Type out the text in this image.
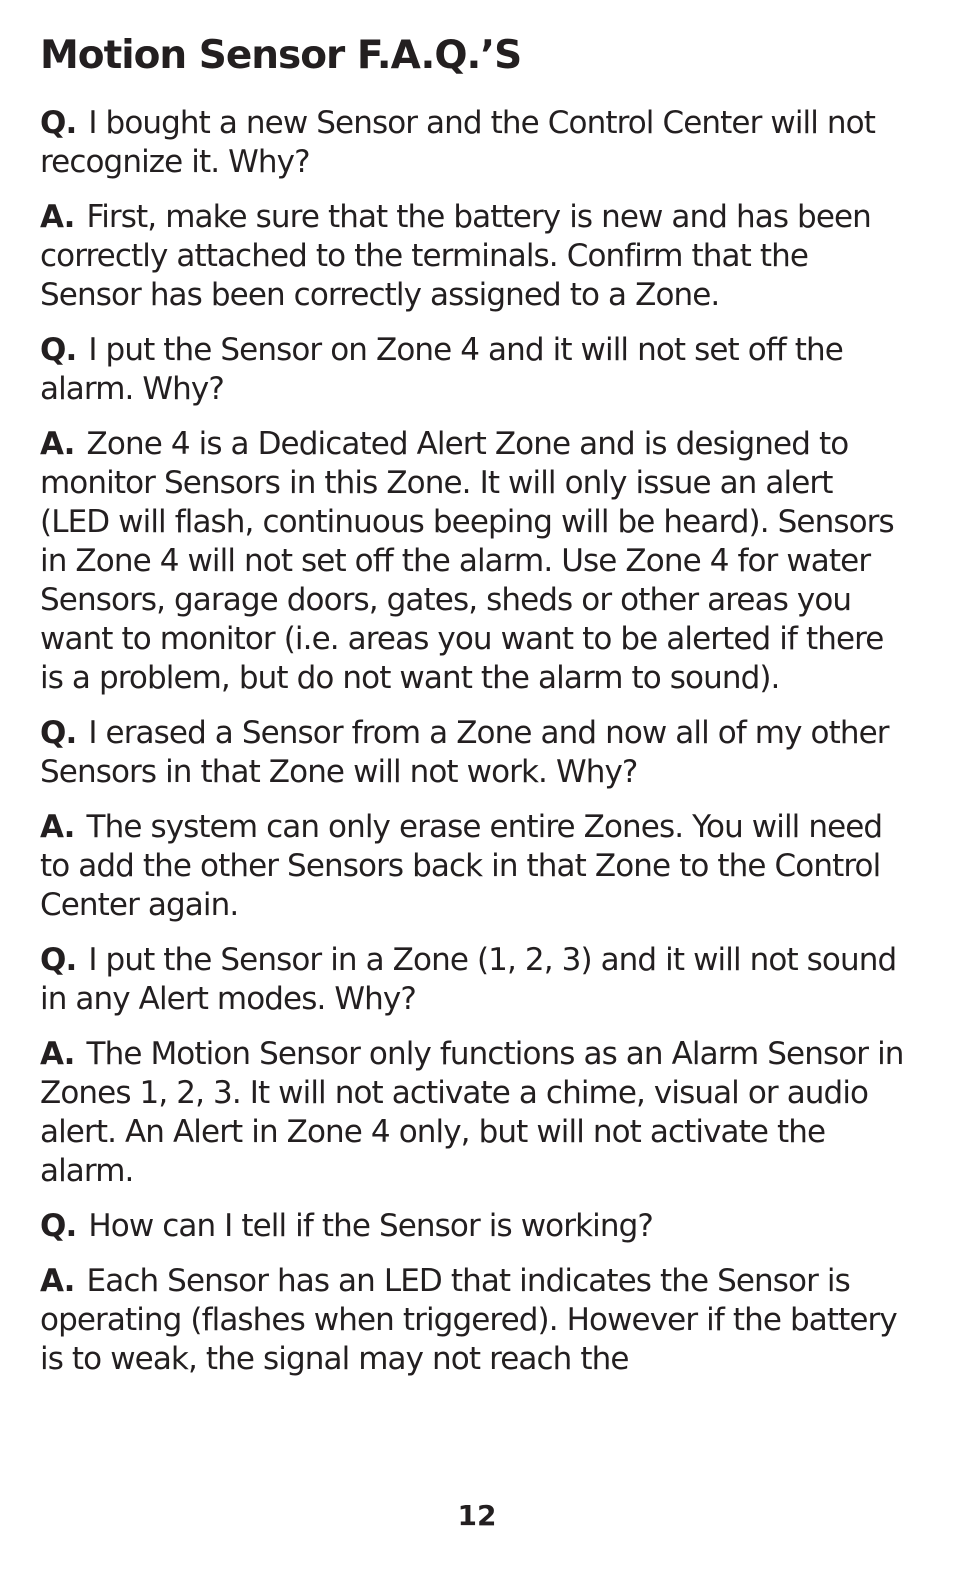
Motion Sensor F.A.Q.’S

Q. I bought a new Sensor and the Control Center will not recognize it. Why?

A. First, make sure that the battery is new and has been correctly attached to the terminals. Confirm that the Sensor has been correctly assigned to a Zone.

Q. I put the Sensor on Zone 4 and it will not set off the alarm. Why?

A. Zone 4 is a Dedicated Alert Zone and is designed to monitor Sensors in this Zone. It will only issue an alert (LED will flash, continuous beeping will be heard). Sensors in Zone 4 will not set off the alarm. Use Zone 4 for water Sensors, garage doors, gates, sheds or other areas you want to monitor (i.e. areas you want to be alerted if there is a problem, but do not want the alarm to sound).

Q. I erased a Sensor from a Zone and now all of my other Sensors in that Zone will not work. Why?

A. The system can only erase entire Zones. You will need to add the other Sensors back in that Zone to the Control Center again.

Q. I put the Sensor in a Zone (1, 2, 3) and it will not sound in any Alert modes. Why?

A. The Motion Sensor only functions as an Alarm Sensor in Zones 1, 2, 3. It will not activate a chime, visual or audio alert. An Alert in Zone 4 only, but will not activate the alarm.

Q. How can I tell if the Sensor is working?

A. Each Sensor has an LED that indicates the Sensor is operating (flashes when triggered). However if the battery is to weak, the signal may not reach the

12
